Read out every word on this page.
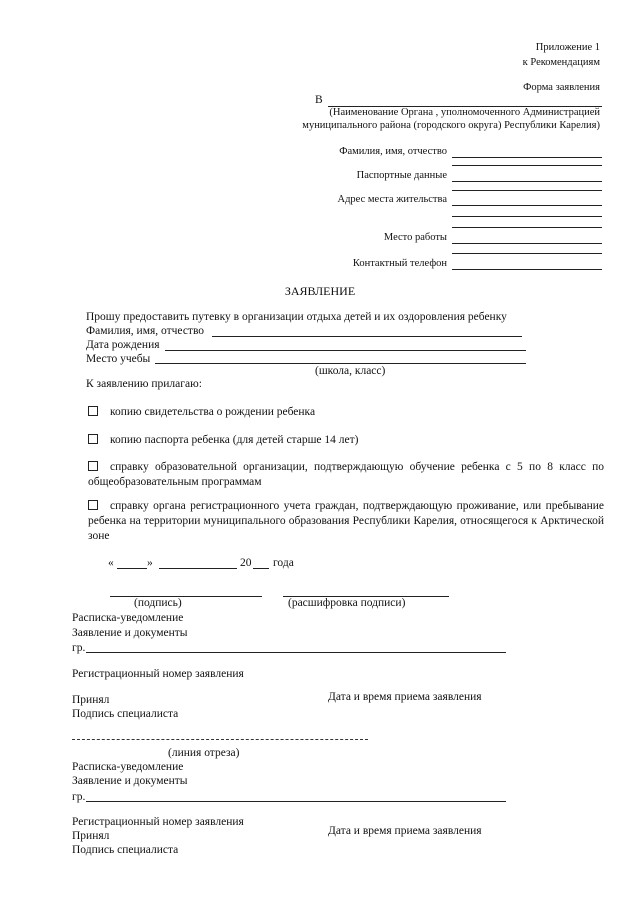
Приложение 1
к Рекомендациям
Форма заявления
В
(Наименование Органа , уполномоченного Администрацией
муниципального района (городского округа) Республики Карелия)
Фамилия, имя, отчество
Паспортные данные
Адрес места жительства
Место работы
Контактный телефон
ЗАЯВЛЕНИЕ
Прошу предоставить путевку в организации отдыха детей и их оздоровления ребенку
Фамилия, имя, отчество
Дата рождения
Место учебы
(школа, класс)
К заявлению прилагаю:
копию свидетельства о рождении ребенка
копию паспорта ребенка (для детей старше 14 лет)
справку образовательной организации, подтверждающую обучение ребенка с 5 по 8 класс по общеобразовательным программам
справку органа регистрационного учета граждан, подтверждающую проживание, или пребывание ребенка на территории муниципального образования Республики Карелия, относящегося к Арктической зоне
«	»	20 года
(подпись)	(расшифровка подписи)
Расписка-уведомление
Заявление и документы
гр.
Регистрационный номер заявления
Принял	Дата и время приема заявления
Подпись специалиста
(линия отреза)
Расписка-уведомление
Заявление и документы
гр.
Регистрационный номер заявления
Принял	Дата и время приема заявления
Подпись специалиста
